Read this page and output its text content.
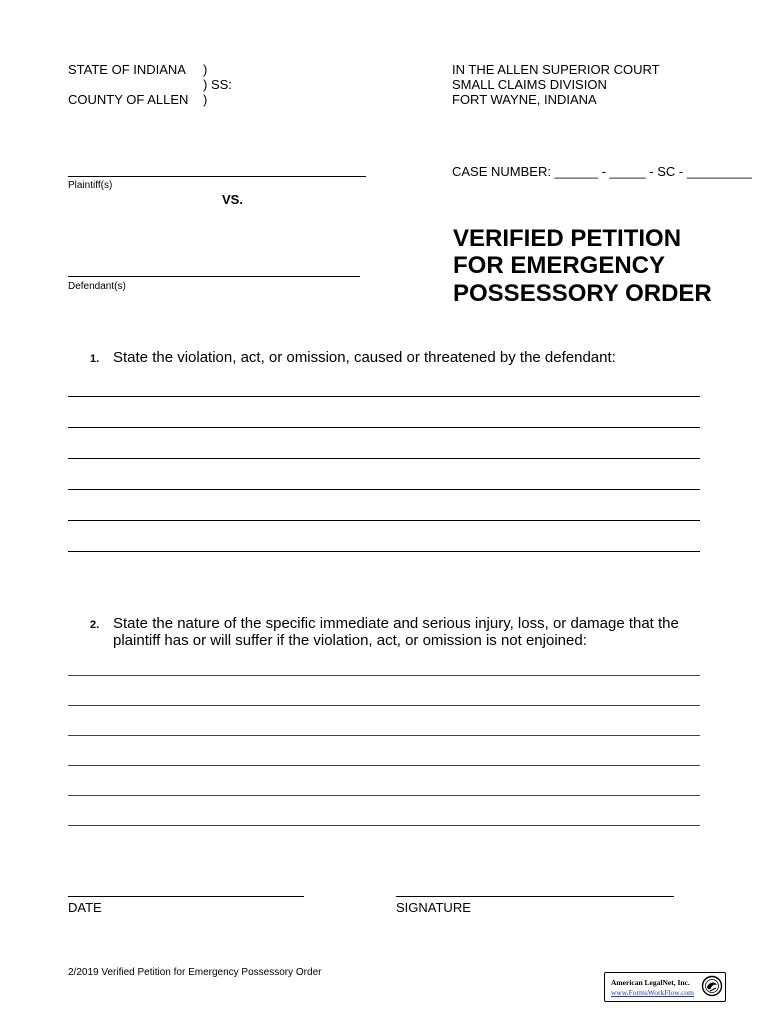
STATE OF INDIANA
COUNTY OF ALLEN
)
) SS:
)
IN THE ALLEN SUPERIOR COURT
SMALL CLAIMS DIVISION
FORT WAYNE, INDIANA
Plaintiff(s)
VS.
CASE NUMBER: ______ - _____ - SC - _________
Defendant(s)
VERIFIED PETITION
FOR EMERGENCY
POSSESSORY ORDER
1. State the violation, act, or omission, caused or threatened by the defendant:
2. State the nature of the specific immediate and serious injury, loss, or damage that the
plaintiff has or will suffer if the violation, act, or omission is not enjoined:
DATE	SIGNATURE
2/2019 Verified Petition for Emergency Possessory Order
American LegalNet, Inc.
www.FormsWorkFlow.com
